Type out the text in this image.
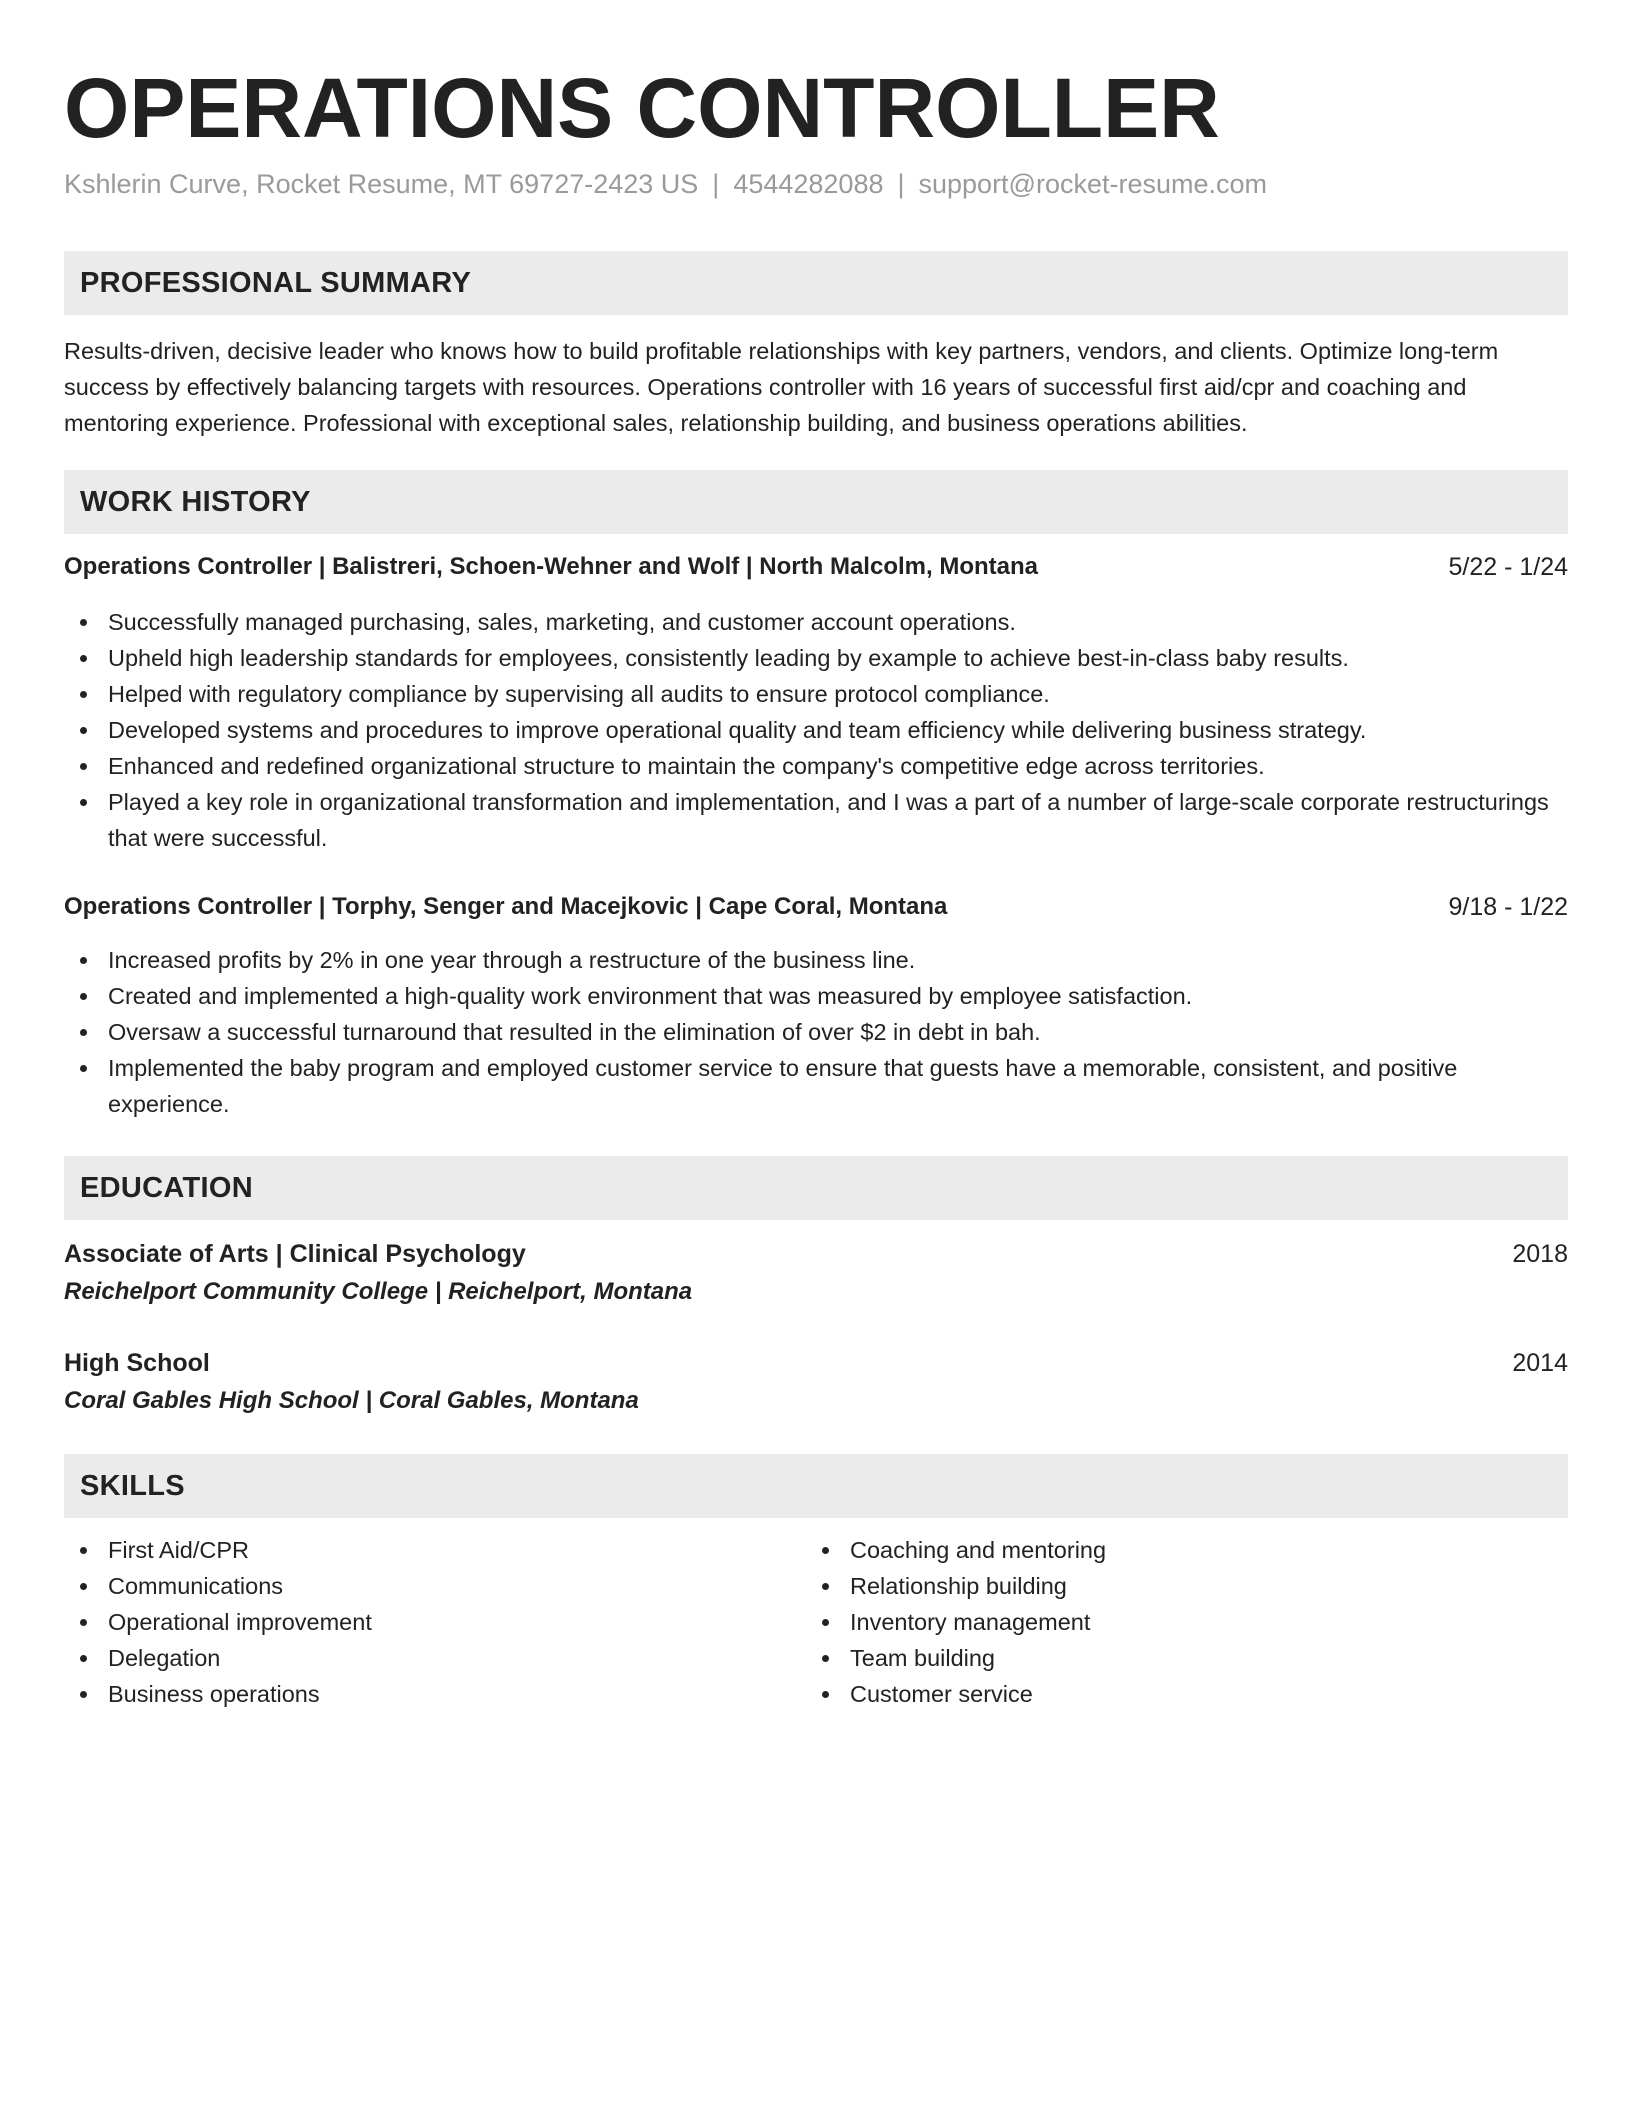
OPERATIONS CONTROLLER
Kshlerin Curve, Rocket Resume, MT 69727-2423 US | 4544282088 | support@rocket-resume.com
PROFESSIONAL SUMMARY

Results-driven, decisive leader who knows how to build profitable relationships with key partners, vendors, and clients. Optimize long-term success by effectively balancing targets with resources. Operations controller with 16 years of successful first aid/cpr and coaching and mentoring experience. Professional with exceptional sales, relationship building, and business operations abilities.

WORK HISTORY
Operations Controller | Balistreri, Schoen-Wehner and Wolf | North Malcolm, Montana	5/22 - 1/24
Successfully managed purchasing, sales, marketing, and customer account operations.
Upheld high leadership standards for employees, consistently leading by example to achieve best-in-class baby results.
Helped with regulatory compliance by supervising all audits to ensure protocol compliance.
Developed systems and procedures to improve operational quality and team efficiency while delivering business strategy.
Enhanced and redefined organizational structure to maintain the company's competitive edge across territories.
Played a key role in organizational transformation and implementation, and I was a part of a number of large-scale corporate restructurings that were successful.
Operations Controller | Torphy, Senger and Macejkovic | Cape Coral, Montana	9/18 - 1/22
Increased profits by 2% in one year through a restructure of the business line.
Created and implemented a high-quality work environment that was measured by employee satisfaction.
Oversaw a successful turnaround that resulted in the elimination of over $2 in debt in bah.
Implemented the baby program and employed customer service to ensure that guests have a memorable, consistent, and positive experience.
EDUCATION
Associate of Arts | Clinical Psychology	2018
Reichelport Community College | Reichelport, Montana
High School	2014
Coral Gables High School | Coral Gables, Montana
SKILLS
First Aid/CPR
Communications
Operational improvement
Delegation
Business operations
Coaching and mentoring
Relationship building
Inventory management
Team building
Customer service
